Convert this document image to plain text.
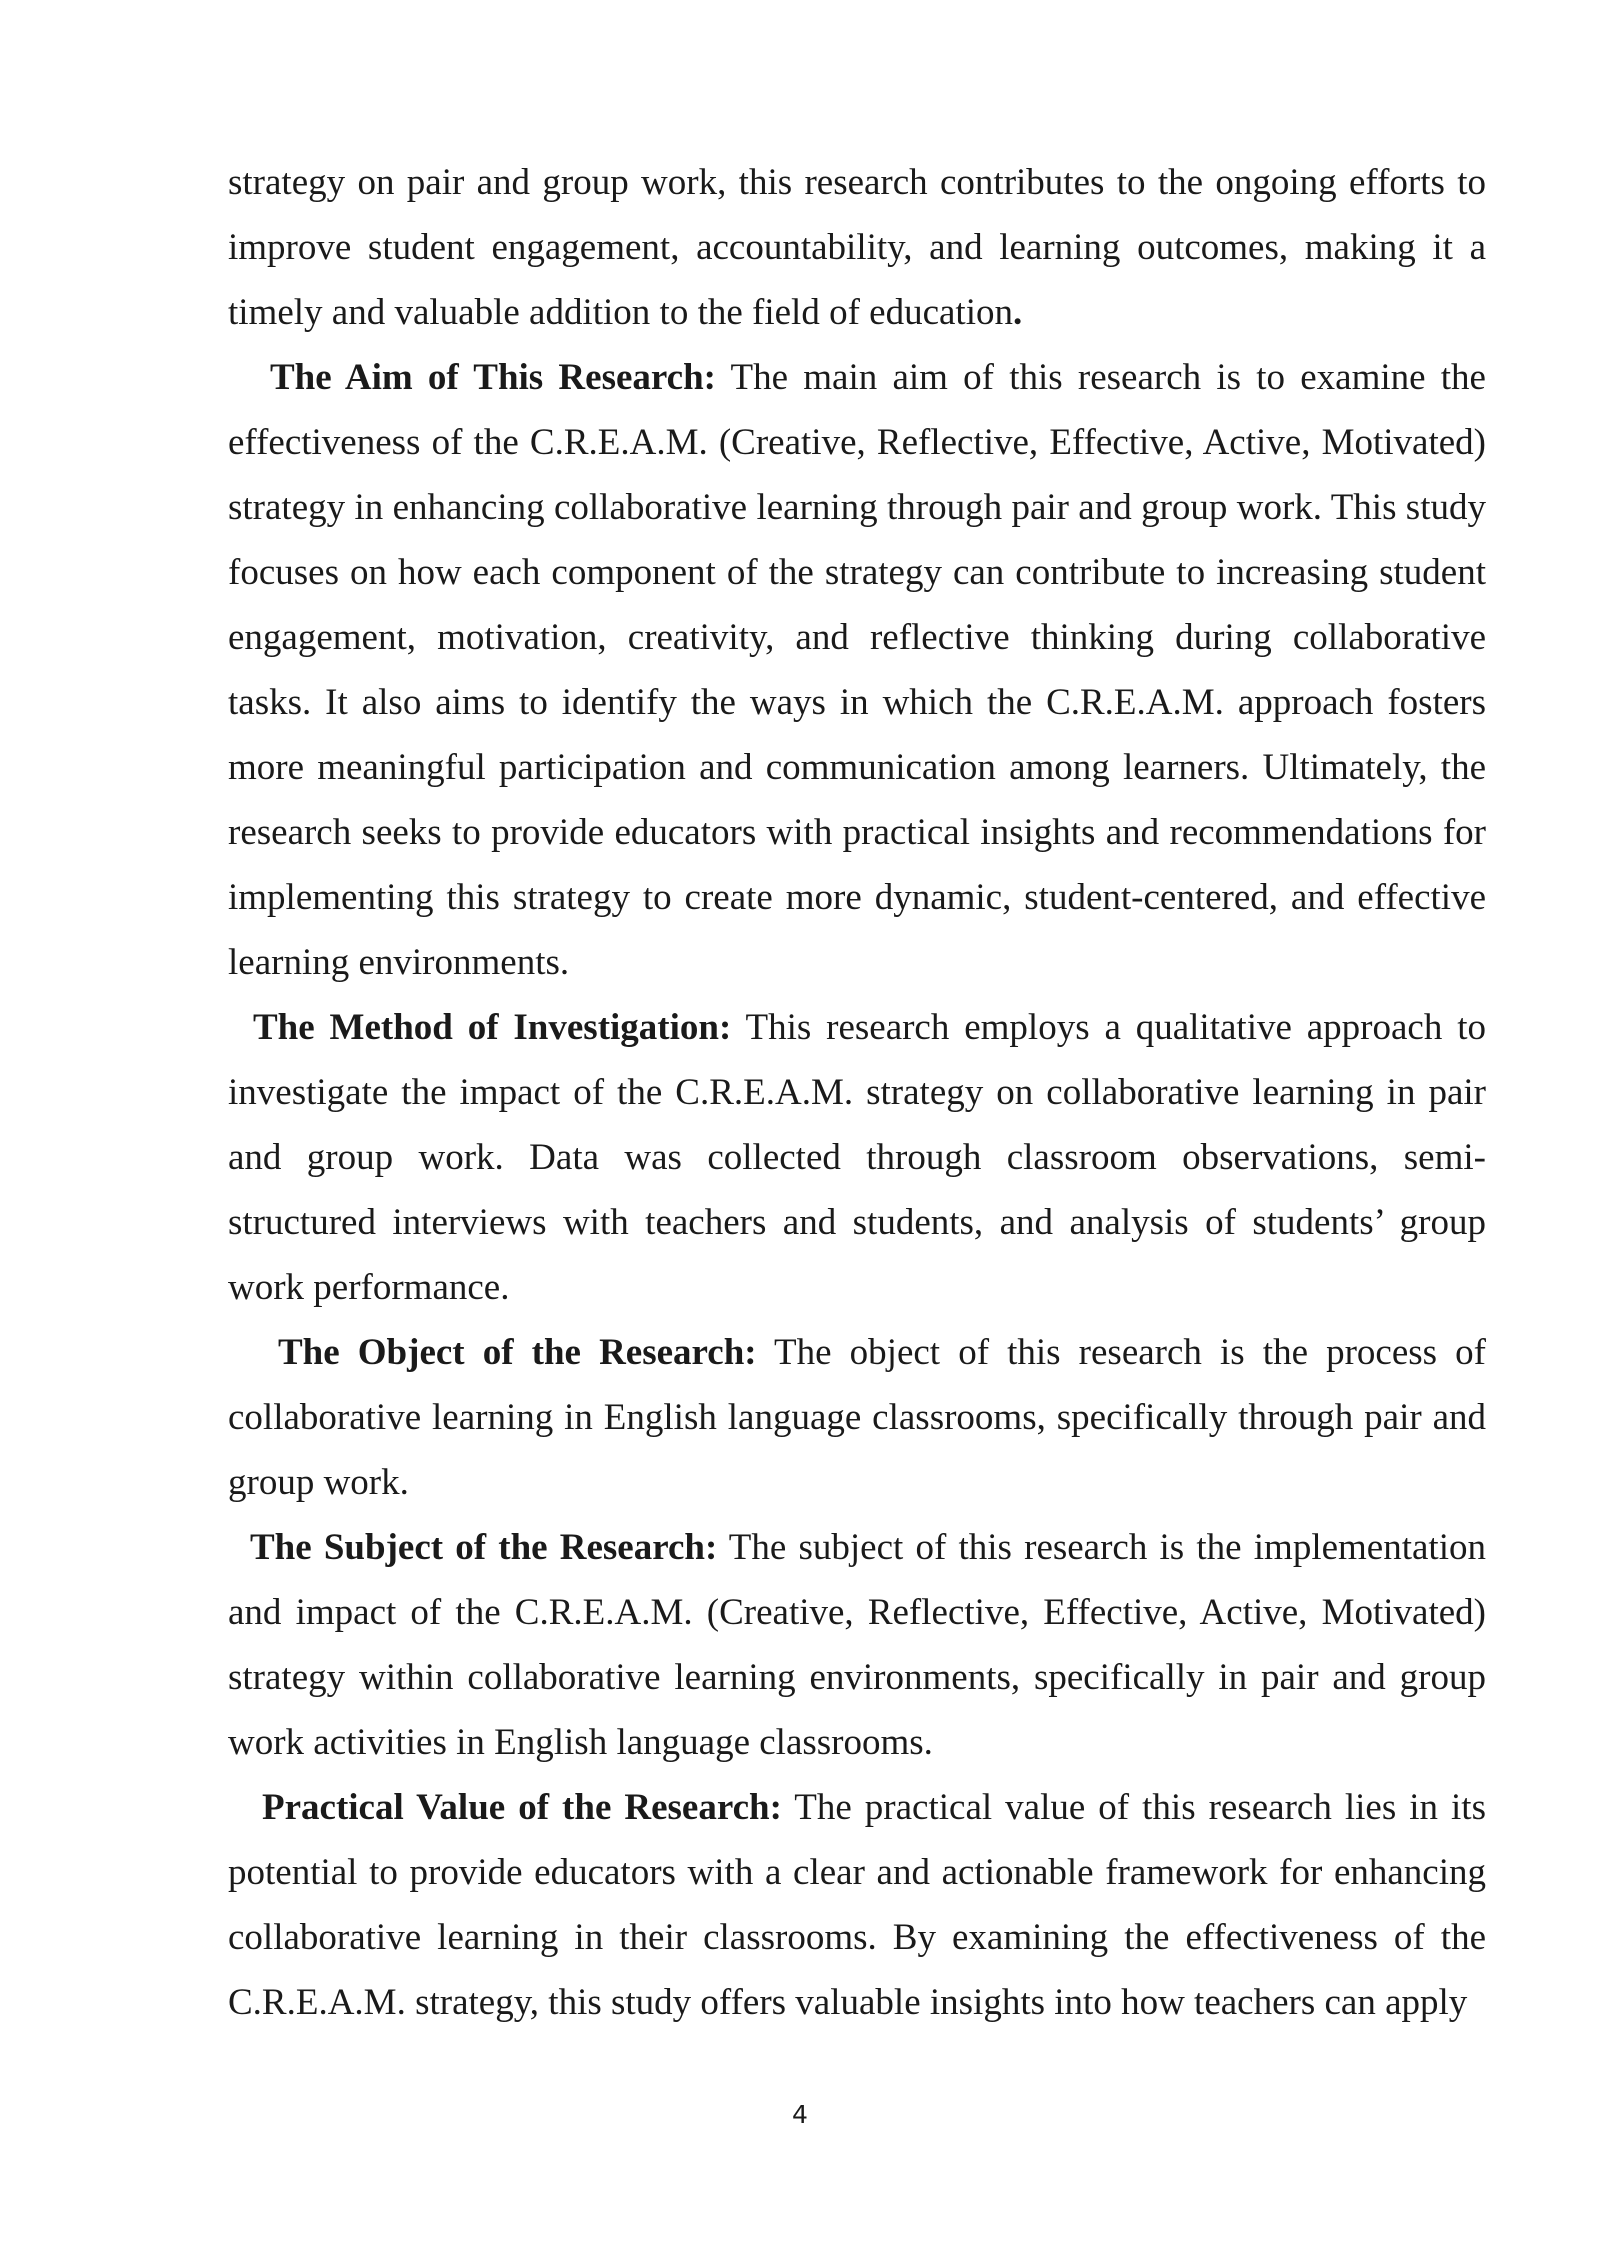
strategy on pair and group work, this research contributes to the ongoing efforts to improve student engagement, accountability, and learning outcomes, making it a timely and valuable addition to the field of education.

The Aim of This Research: The main aim of this research is to examine the effectiveness of the C.R.E.A.M. (Creative, Reflective, Effective, Active, Motivated) strategy in enhancing collaborative learning through pair and group work. This study focuses on how each component of the strategy can contribute to increasing student engagement, motivation, creativity, and reflective thinking during collaborative tasks. It also aims to identify the ways in which the C.R.E.A.M. approach fosters more meaningful participation and communication among learners. Ultimately, the research seeks to provide educators with practical insights and recommendations for implementing this strategy to create more dynamic, student-centered, and effective learning environments.

The Method of Investigation: This research employs a qualitative approach to investigate the impact of the C.R.E.A.M. strategy on collaborative learning in pair and group work. Data was collected through classroom observations, semi-structured interviews with teachers and students, and analysis of students’ group work performance.

The Object of the Research: The object of this research is the process of collaborative learning in English language classrooms, specifically through pair and group work.

The Subject of the Research: The subject of this research is the implementation and impact of the C.R.E.A.M. (Creative, Reflective, Effective, Active, Motivated) strategy within collaborative learning environments, specifically in pair and group work activities in English language classrooms.

Practical Value of the Research: The practical value of this research lies in its potential to provide educators with a clear and actionable framework for enhancing collaborative learning in their classrooms. By examining the effectiveness of the C.R.E.A.M. strategy, this study offers valuable insights into how teachers can apply

4
